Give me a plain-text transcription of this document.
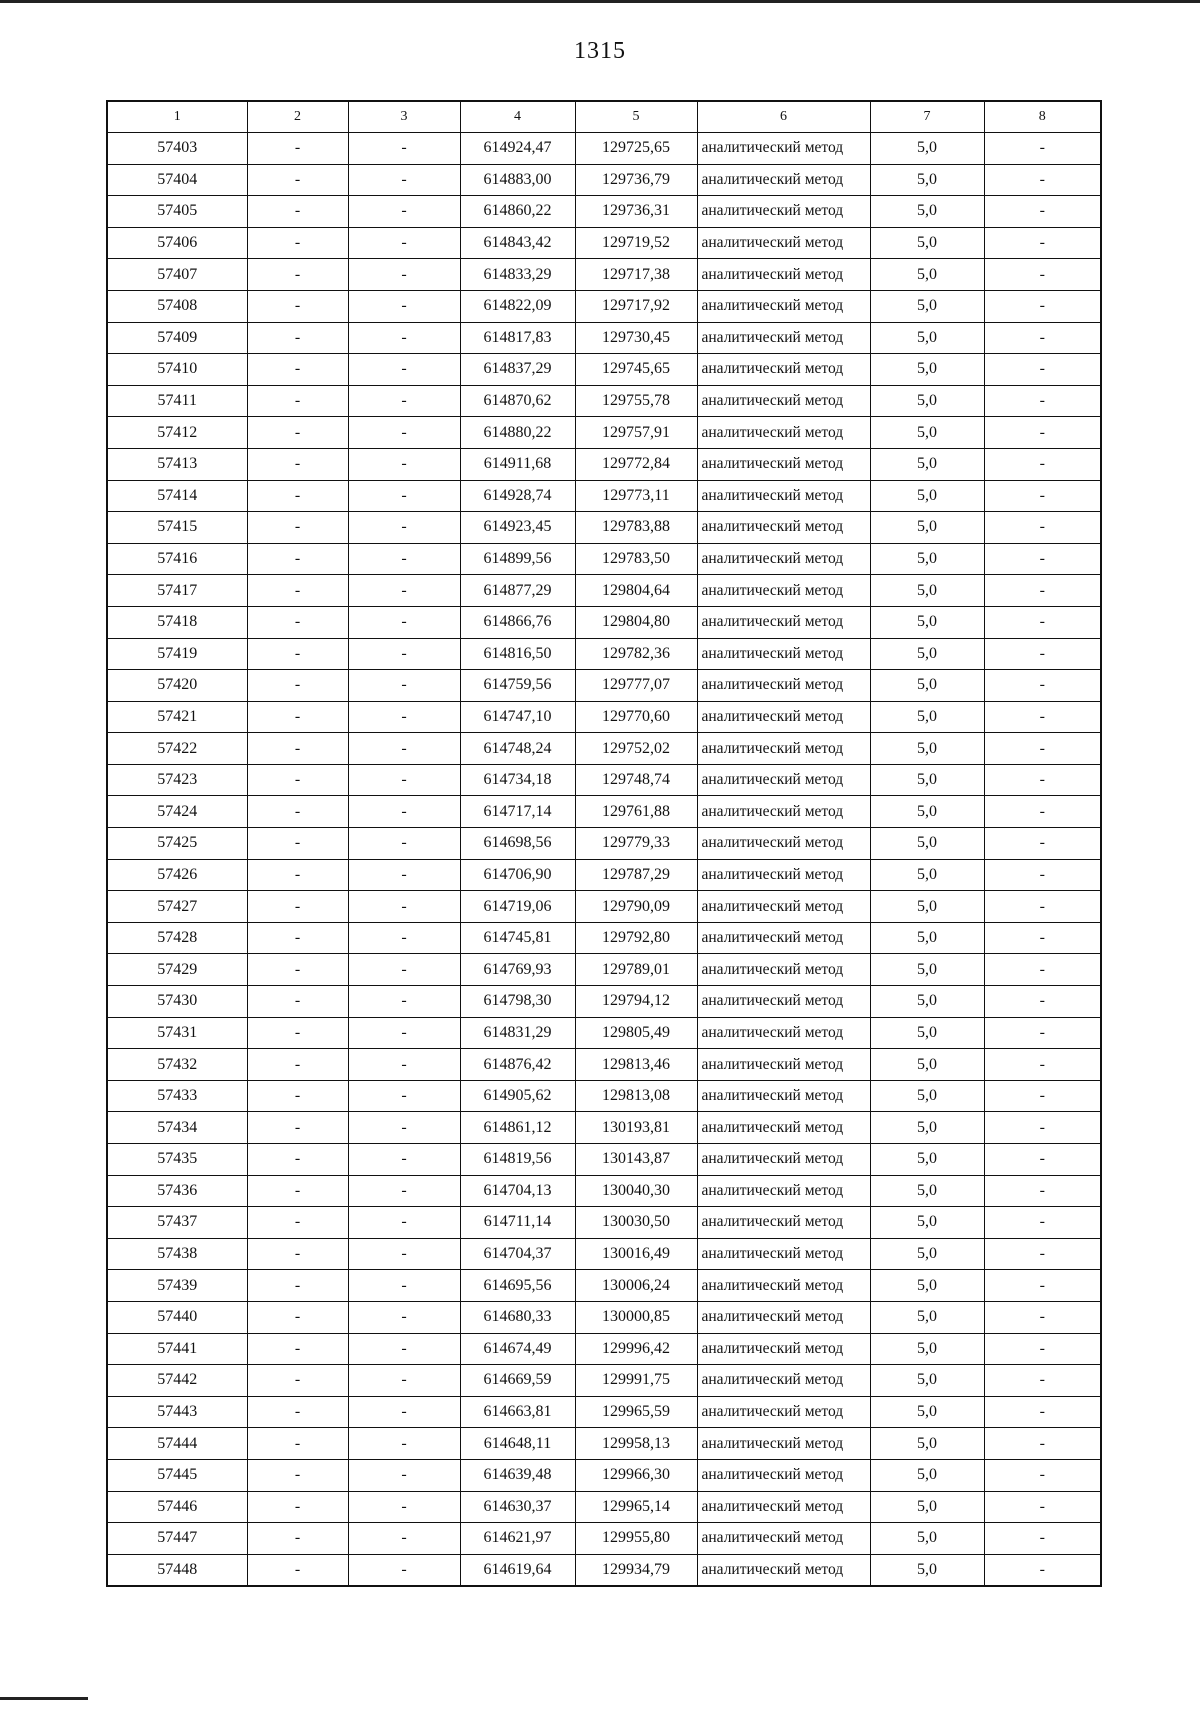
1315
1	2	3	4	5	6	7	8
57403	-	-	614924,47	129725,65	аналитический метод	5,0	-
57404	-	-	614883,00	129736,79	аналитический метод	5,0	-
57405	-	-	614860,22	129736,31	аналитический метод	5,0	-
57406	-	-	614843,42	129719,52	аналитический метод	5,0	-
57407	-	-	614833,29	129717,38	аналитический метод	5,0	-
57408	-	-	614822,09	129717,92	аналитический метод	5,0	-
57409	-	-	614817,83	129730,45	аналитический метод	5,0	-
57410	-	-	614837,29	129745,65	аналитический метод	5,0	-
57411	-	-	614870,62	129755,78	аналитический метод	5,0	-
57412	-	-	614880,22	129757,91	аналитический метод	5,0	-
57413	-	-	614911,68	129772,84	аналитический метод	5,0	-
57414	-	-	614928,74	129773,11	аналитический метод	5,0	-
57415	-	-	614923,45	129783,88	аналитический метод	5,0	-
57416	-	-	614899,56	129783,50	аналитический метод	5,0	-
57417	-	-	614877,29	129804,64	аналитический метод	5,0	-
57418	-	-	614866,76	129804,80	аналитический метод	5,0	-
57419	-	-	614816,50	129782,36	аналитический метод	5,0	-
57420	-	-	614759,56	129777,07	аналитический метод	5,0	-
57421	-	-	614747,10	129770,60	аналитический метод	5,0	-
57422	-	-	614748,24	129752,02	аналитический метод	5,0	-
57423	-	-	614734,18	129748,74	аналитический метод	5,0	-
57424	-	-	614717,14	129761,88	аналитический метод	5,0	-
57425	-	-	614698,56	129779,33	аналитический метод	5,0	-
57426	-	-	614706,90	129787,29	аналитический метод	5,0	-
57427	-	-	614719,06	129790,09	аналитический метод	5,0	-
57428	-	-	614745,81	129792,80	аналитический метод	5,0	-
57429	-	-	614769,93	129789,01	аналитический метод	5,0	-
57430	-	-	614798,30	129794,12	аналитический метод	5,0	-
57431	-	-	614831,29	129805,49	аналитический метод	5,0	-
57432	-	-	614876,42	129813,46	аналитический метод	5,0	-
57433	-	-	614905,62	129813,08	аналитический метод	5,0	-
57434	-	-	614861,12	130193,81	аналитический метод	5,0	-
57435	-	-	614819,56	130143,87	аналитический метод	5,0	-
57436	-	-	614704,13	130040,30	аналитический метод	5,0	-
57437	-	-	614711,14	130030,50	аналитический метод	5,0	-
57438	-	-	614704,37	130016,49	аналитический метод	5,0	-
57439	-	-	614695,56	130006,24	аналитический метод	5,0	-
57440	-	-	614680,33	130000,85	аналитический метод	5,0	-
57441	-	-	614674,49	129996,42	аналитический метод	5,0	-
57442	-	-	614669,59	129991,75	аналитический метод	5,0	-
57443	-	-	614663,81	129965,59	аналитический метод	5,0	-
57444	-	-	614648,11	129958,13	аналитический метод	5,0	-
57445	-	-	614639,48	129966,30	аналитический метод	5,0	-
57446	-	-	614630,37	129965,14	аналитический метод	5,0	-
57447	-	-	614621,97	129955,80	аналитический метод	5,0	-
57448	-	-	614619,64	129934,79	аналитический метод	5,0	-
